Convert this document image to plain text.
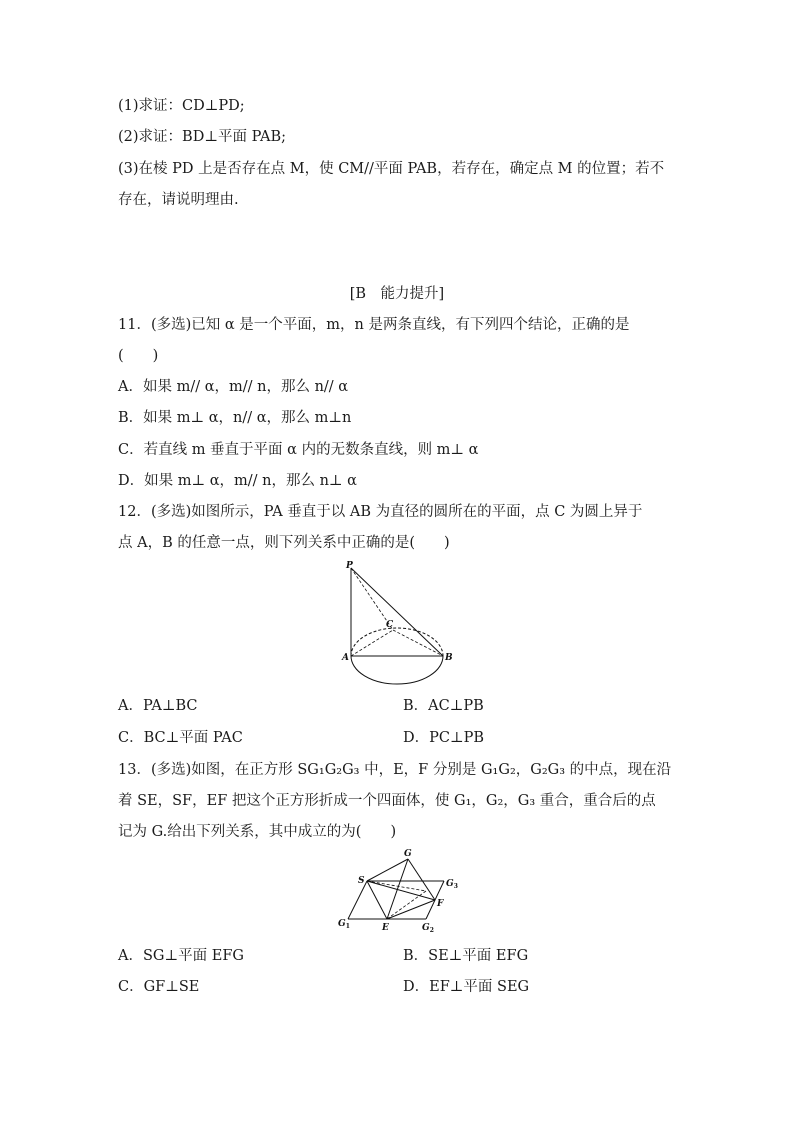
(1)求证：CD⊥PD;
(2)求证：BD⊥平面 PAB;
(3)在棱 PD 上是否存在点 M，使 CM//平面 PAB，若存在，确定点 M 的位置；若不
存在，请说明理由.
[B　能力提升]
11．(多选)已知 α 是一个平面，m，n 是两条直线，有下列四个结论，正确的是
(　　)
A．如果 m// α，m// n，那么 n// α
B．如果 m⊥ α，n// α，那么 m⊥n
C．若直线 m 垂直于平面 α 内的无数条直线，则 m⊥ α
D．如果 m⊥ α，m// n，那么 n⊥ α
12．(多选)如图所示，PA 垂直于以 AB 为直径的圆所在的平面，点 C 为圆上异于
点 A，B 的任意一点，则下列关系中正确的是(　　)
P
C
A	B
A．PA⊥BC	B．AC⊥PB
C．BC⊥平面 PAC	D．PC⊥PB
13．(多选)如图，在正方形 SG₁G₂G₃ 中，E，F 分别是 G₁G₂，G₂G₃ 的中点，现在沿
着 SE，SF，EF 把这个正方形折成一个四面体，使 G₁，G₂，G₃ 重合，重合后的点
记为 G.给出下列关系，其中成立的为(　　)
G
S	$G_3$
F
$G_1$	E	$G_2$
A．SG⊥平面 EFG	B．SE⊥平面 EFG
C．GF⊥SE	D．EF⊥平面 SEG
